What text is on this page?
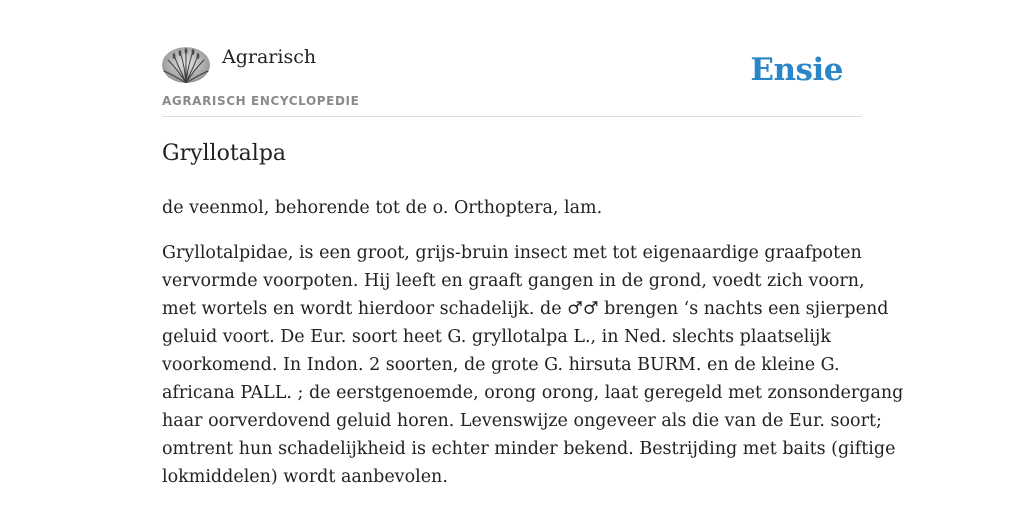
Agrarisch
AGRARISCH ENCYCLOPEDIE
Ensie
Gryllotalpa

de veenmol, behorende tot de o. Orthoptera, lam.

Gryllotalpidae, is een groot, grijs-bruin insect met tot eigenaardige graafpoten
vervormde voorpoten. Hij leeft en graaft gangen in de grond, voedt zich voorn,
met wortels en wordt hierdoor schadelijk. de ♂♂ brengen ‘s nachts een sjierpend
geluid voort. De Eur. soort heet G. gryllotalpa L., in Ned. slechts plaatselijk
voorkomend. In Indon. 2 soorten, de grote G. hirsuta BURM. en de kleine G.
africana PALL. ; de eerstgenoemde, orong orong, laat geregeld met zonsondergang
haar oorverdovend geluid horen. Levenswijze ongeveer als die van de Eur. soort;
omtrent hun schadelijkheid is echter minder bekend. Bestrijding met baits (giftige
lokmiddelen) wordt aanbevolen.
